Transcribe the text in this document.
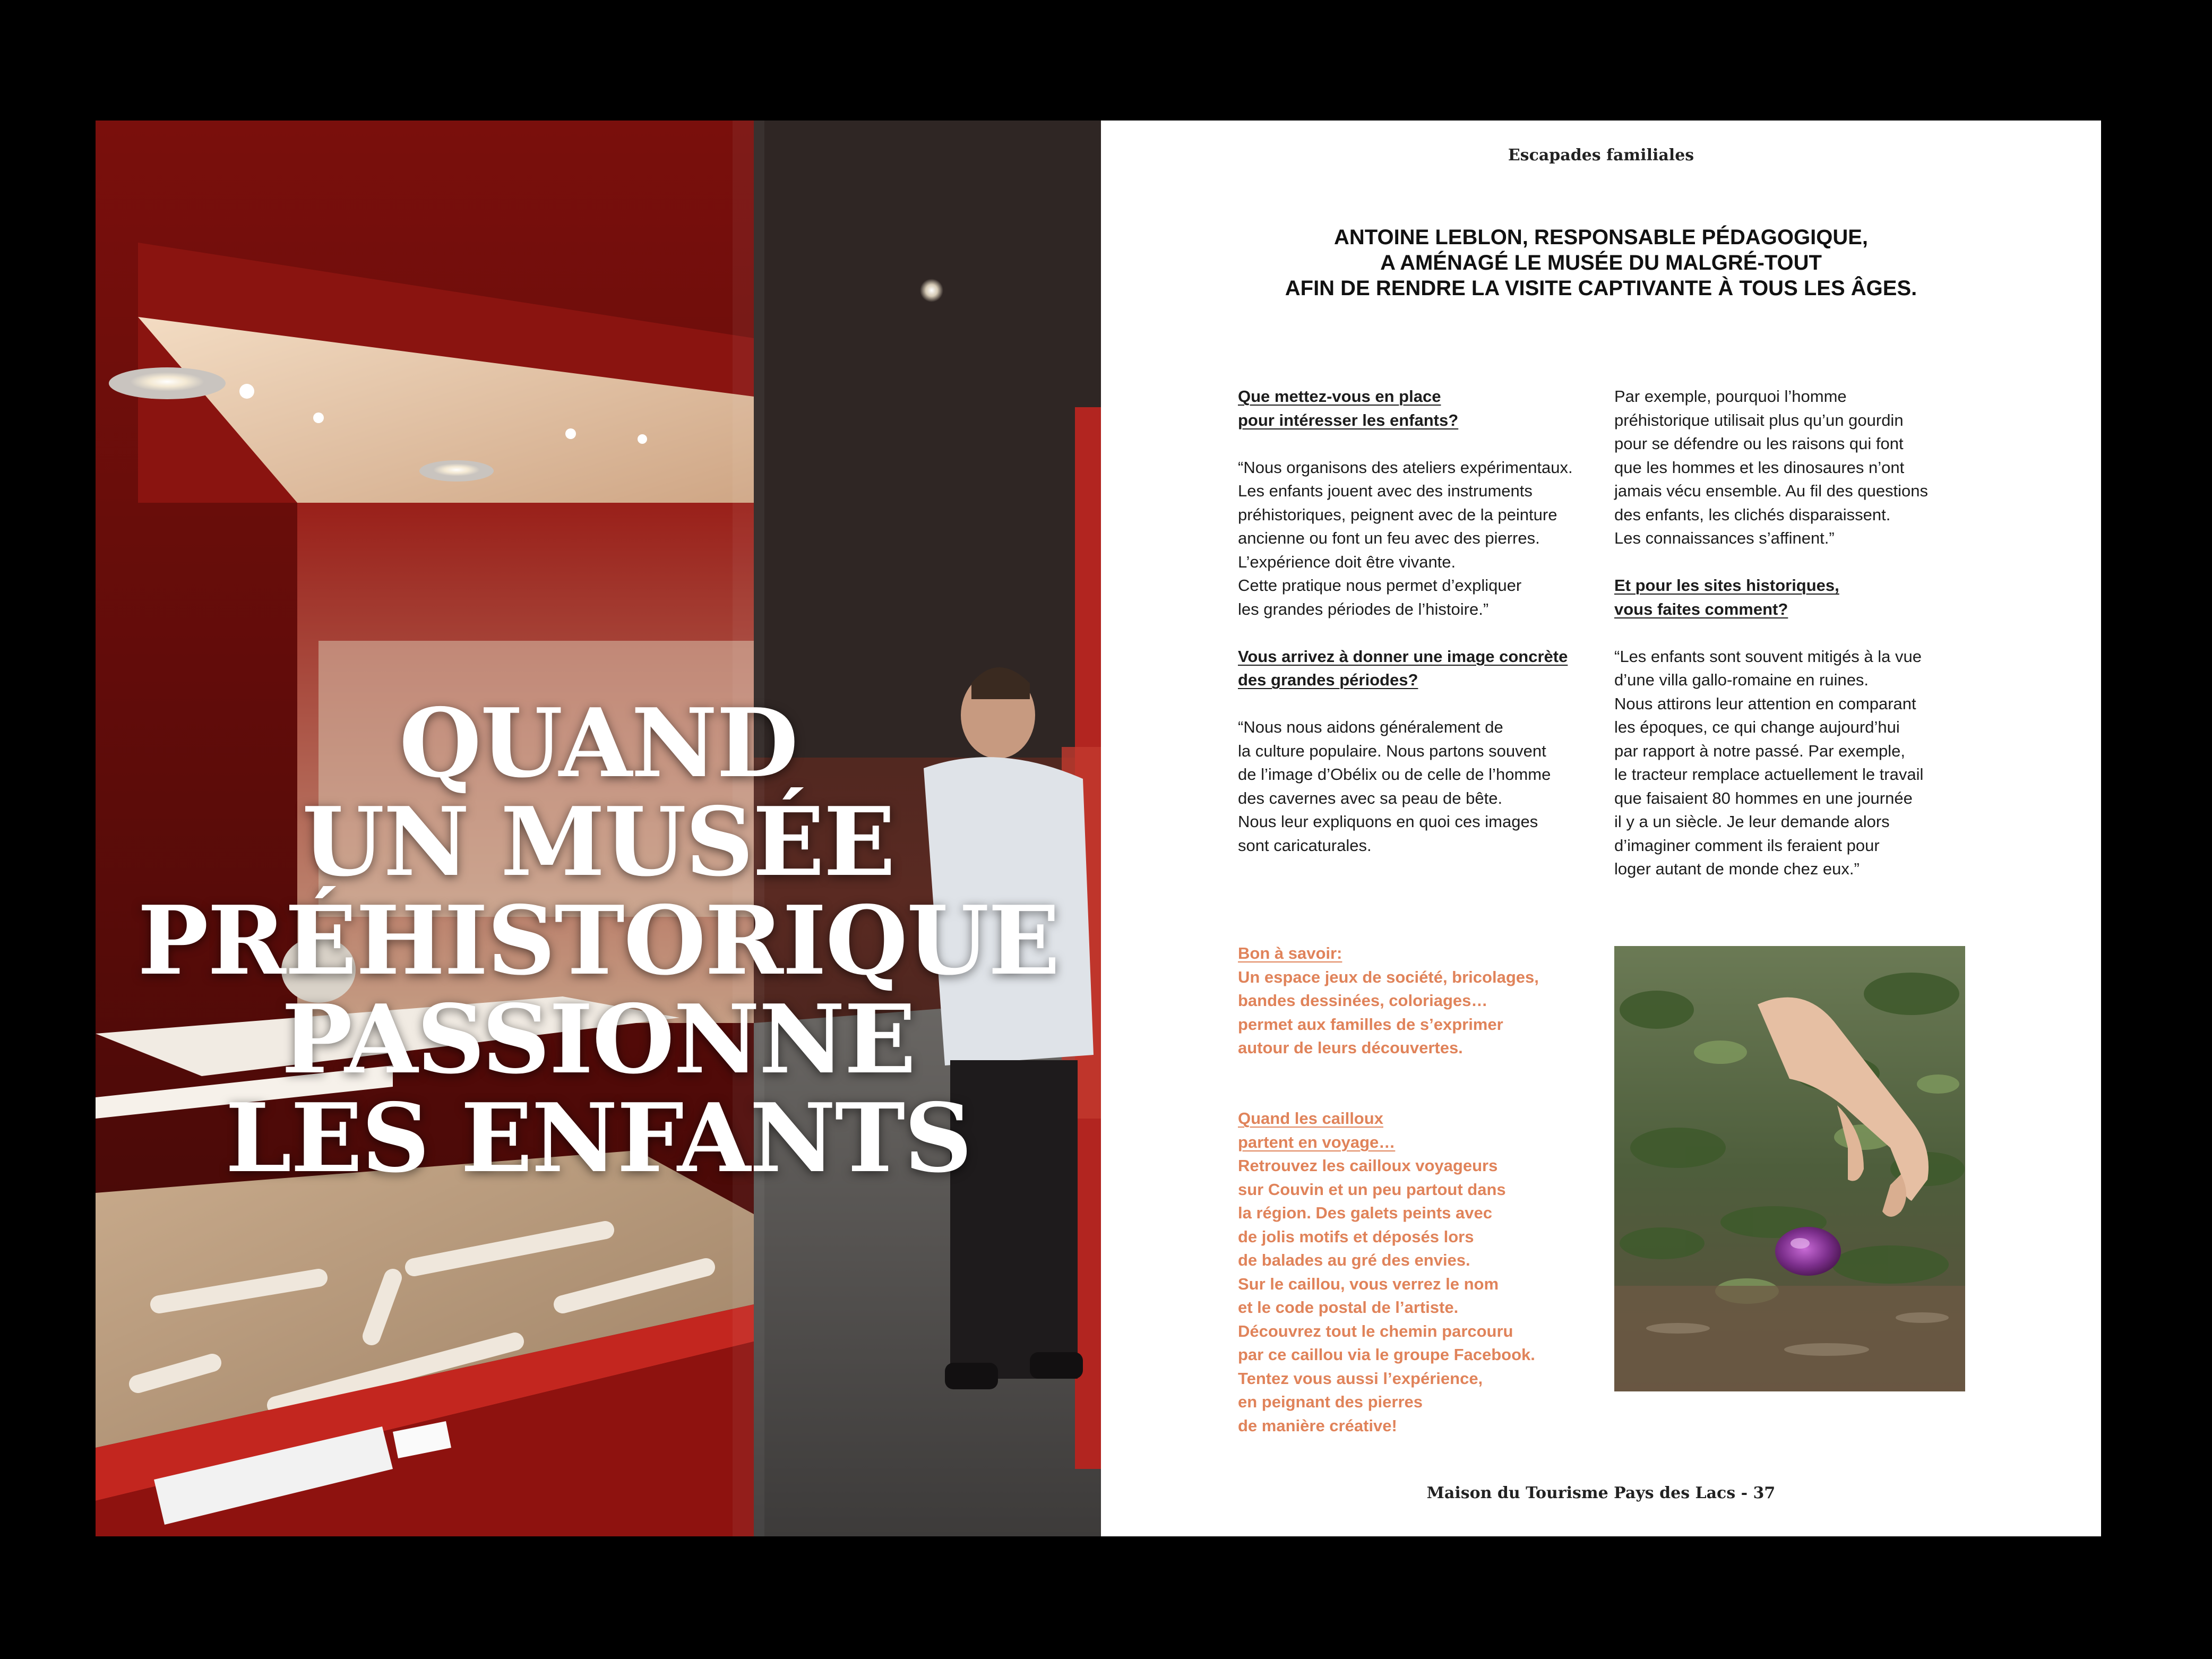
QUAND
UN MUSÉE
PRÉHISTORIQUE
PASSIONNE
LES ENFANTS
Escapades familiales
ANTOINE LEBLON, RESPONSABLE PÉDAGOGIQUE,
A AMÉNAGÉ LE MUSÉE DU MALGRÉ-TOUT
AFIN DE RENDRE LA VISITE CAPTIVANTE À TOUS LES ÂGES.
Que mettez-vous en place
pour intéresser les enfants?
“Nous organisons des ateliers expérimentaux.
Les enfants jouent avec des instruments
préhistoriques, peignent avec de la peinture
ancienne ou font un feu avec des pierres.
L’expérience doit être vivante.
Cette pratique nous permet d’expliquer
les grandes périodes de l’histoire.”
Vous arrivez à donner une image concrète
des grandes périodes?
“Nous nous aidons généralement de
la culture populaire. Nous partons souvent
de l’image d’Obélix ou de celle de l’homme
des cavernes avec sa peau de bête.
Nous leur expliquons en quoi ces images
sont caricaturales.
Par exemple, pourquoi l’homme
préhistorique utilisait plus qu’un gourdin
pour se défendre ou les raisons qui font
que les hommes et les dinosaures n’ont
jamais vécu ensemble. Au fil des questions
des enfants, les clichés disparaissent.
Les connaissances s’affinent.”
Et pour les sites historiques,
vous faites comment?
“Les enfants sont souvent mitigés à la vue
d’une villa gallo-romaine en ruines.
Nous attirons leur attention en comparant
les époques, ce qui change aujourd’hui
par rapport à notre passé. Par exemple,
le tracteur remplace actuellement le travail
que faisaient 80 hommes en une journée
il y a un siècle. Je leur demande alors
d’imaginer comment ils feraient pour
loger autant de monde chez eux.”
Bon à savoir:
Un espace jeux de société, bricolages,
bandes dessinées, coloriages…
permet aux familles de s’exprimer
autour de leurs découvertes.
Quand les cailloux
partent en voyage…
Retrouvez les cailloux voyageurs
sur Couvin et un peu partout dans
la région. Des galets peints avec
de jolis motifs et déposés lors
de balades au gré des envies.
Sur le caillou, vous verrez le nom
et le code postal de l’artiste.
Découvrez tout le chemin parcouru
par ce caillou via le groupe Facebook.
Tentez vous aussi l’expérience,
en peignant des pierres
de manière créative!
Maison du Tourisme Pays des Lacs - 37
